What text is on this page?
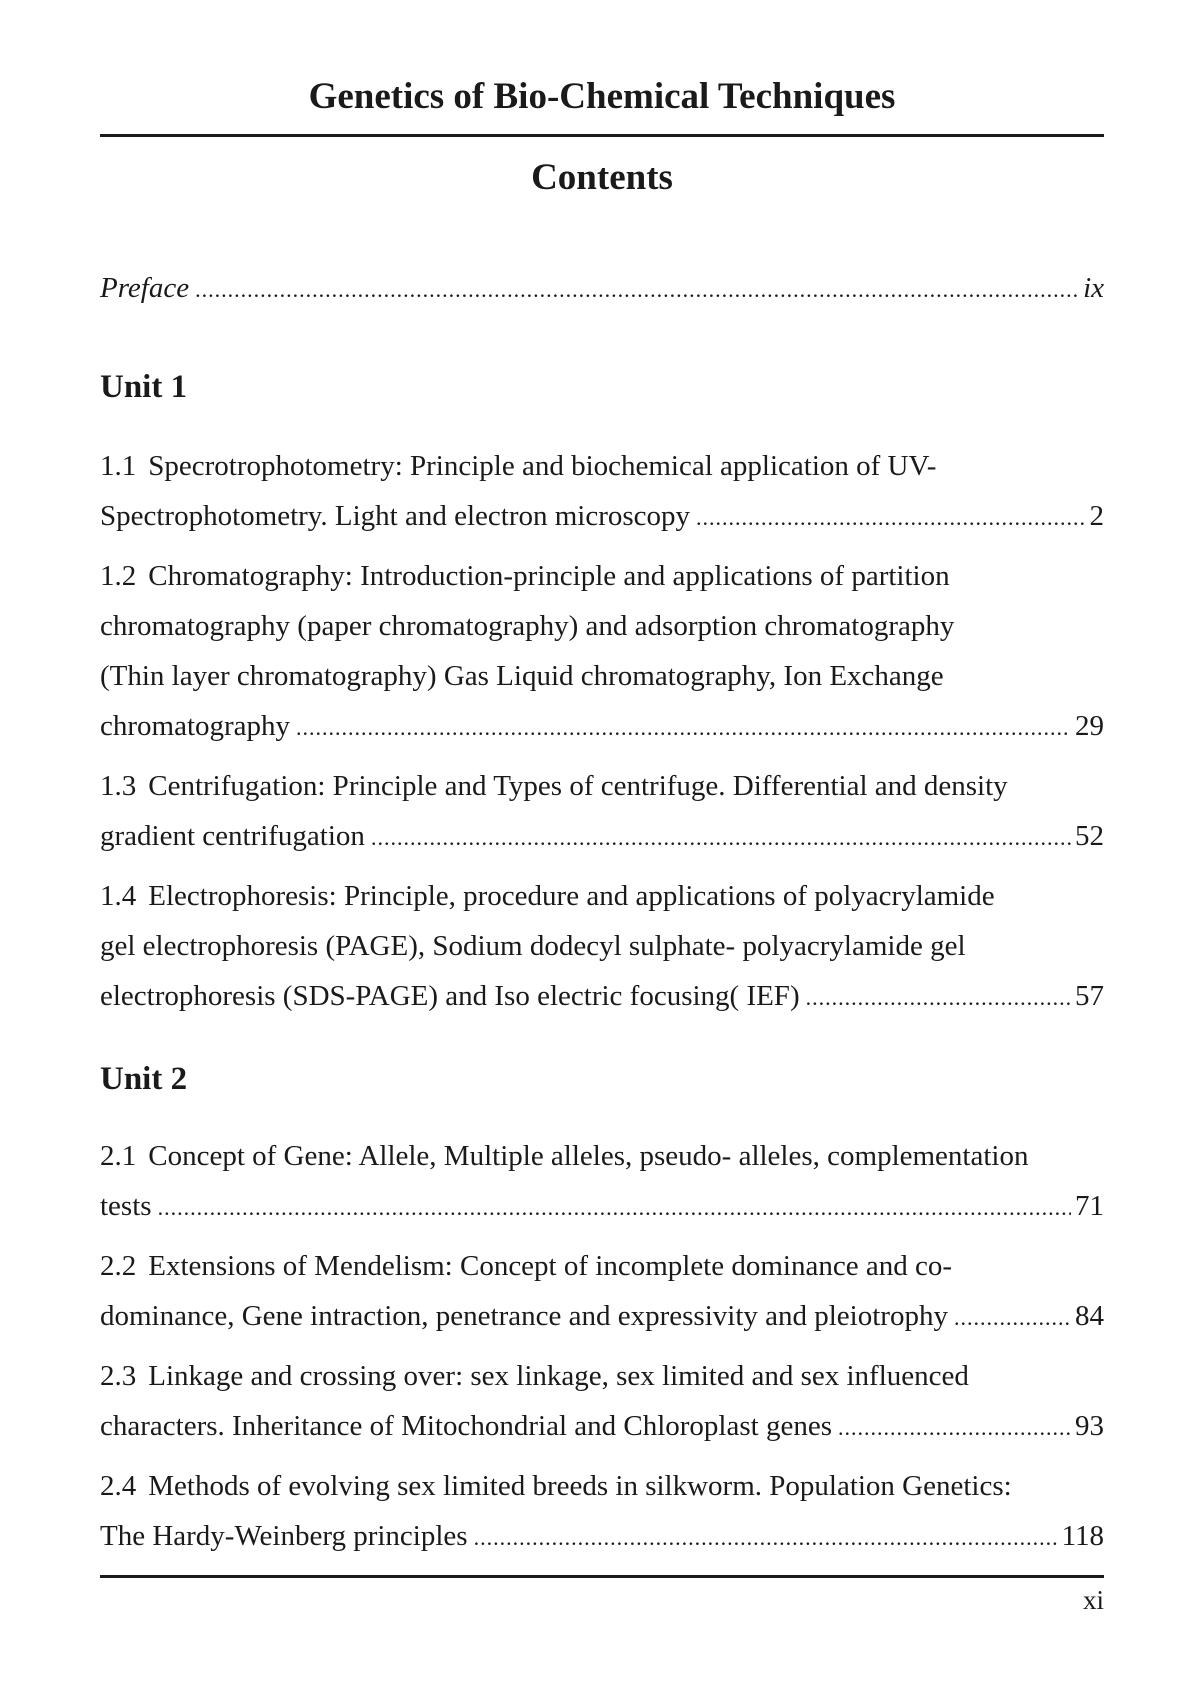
Genetics of Bio-Chemical Techniques
Contents
Preface .....	ix
Unit 1
1.1 Specrotrophotometry: Principle and biochemical application of UV-
Spectrophotometry. Light and electron microscopy .....	2
1.2 Chromatography: Introduction-principle and applications of partition
chromatography (paper chromatography) and adsorption chromatography
(Thin layer chromatography) Gas Liquid chromatography, Ion Exchange
chromatography .....	29
1.3 Centrifugation: Principle and Types of centrifuge. Differential and density
gradient centrifugation .....	52
1.4 Electrophoresis: Principle, procedure and applications of polyacrylamide
gel electrophoresis (PAGE), Sodium dodecyl sulphate- polyacrylamide gel
electrophoresis (SDS-PAGE) and Iso electric focusing( IEF) .....	57
Unit 2
2.1 Concept of Gene: Allele, Multiple alleles, pseudo- alleles, complementation
tests .....	71
2.2 Extensions of Mendelism: Concept of incomplete dominance and co-
dominance, Gene intraction, penetrance and expressivity and pleiotrophy .....	84
2.3 Linkage and crossing over: sex linkage, sex limited and sex influenced
characters. Inheritance of Mitochondrial and Chloroplast genes .....	93
2.4 Methods of evolving sex limited breeds in silkworm. Population Genetics:
The Hardy-Weinberg principles .....	118
xi
